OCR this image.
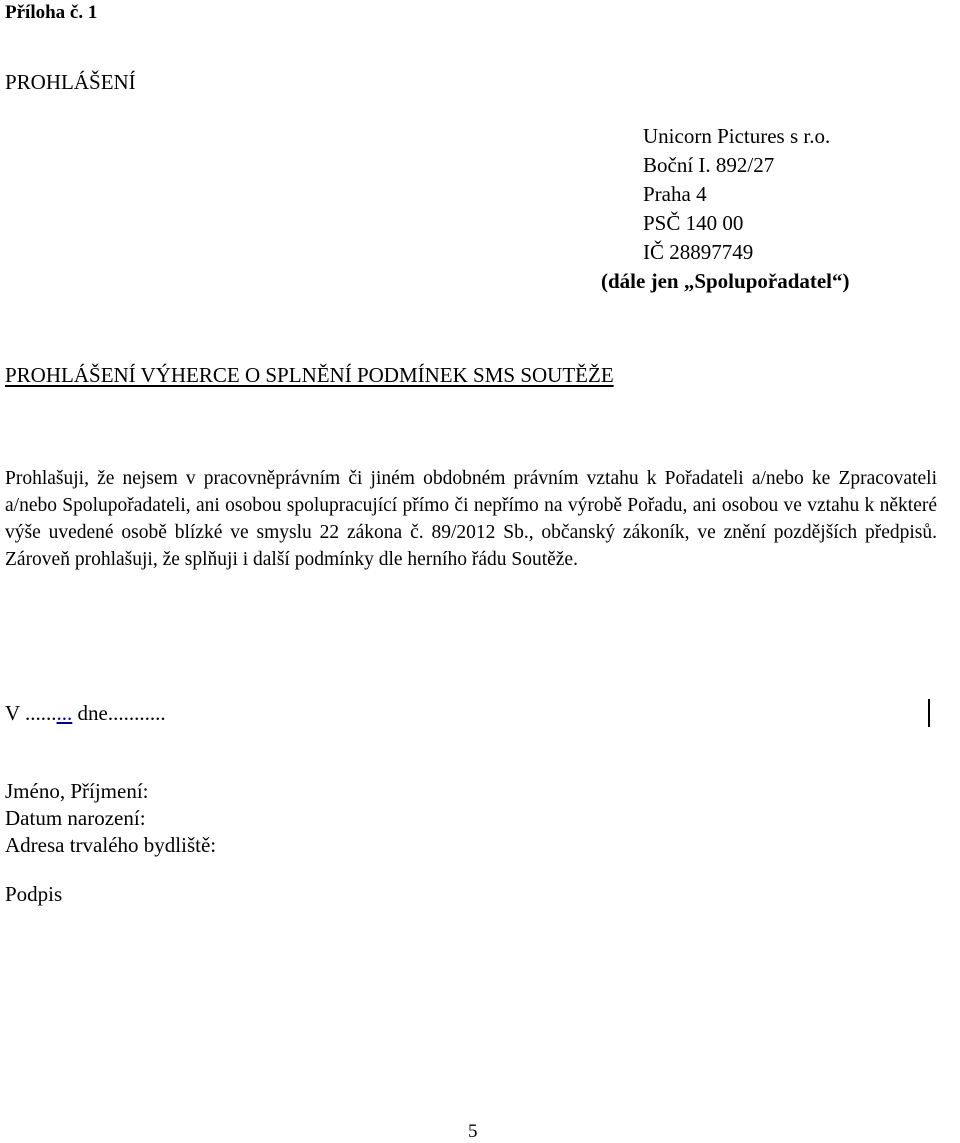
Příloha č. 1
PROHLÁŠENÍ
Unicorn Pictures s r.o.
Boční I. 892/27
Praha 4
PSČ 140 00
IČ 28897749
(dále jen „Spolupořadatel“)
PROHLÁŠENÍ VÝHERCE O SPLNĚNÍ PODMÍNEK SMS SOUTĚŽE
Prohlašuji, že nejsem v pracovněprávním či jiném obdobném právním vztahu k Pořadateli a/nebo ke Zpracovateli a/nebo Spolupořadateli, ani osobou spolupracující přímo či nepřímo na výrobě Pořadu, ani osobou ve vztahu k některé výše uvedené osobě blízké ve smyslu 22 zákona č. 89/2012 Sb., občanský zákoník, ve znění pozdějších předpisů. Zároveň prohlašuji, že splňuji i další podmínky dle herního řádu Soutěže.
V ......... dne...........
Jméno, Příjmení:
Datum narození:
Adresa trvalého bydliště:
Podpis
5
